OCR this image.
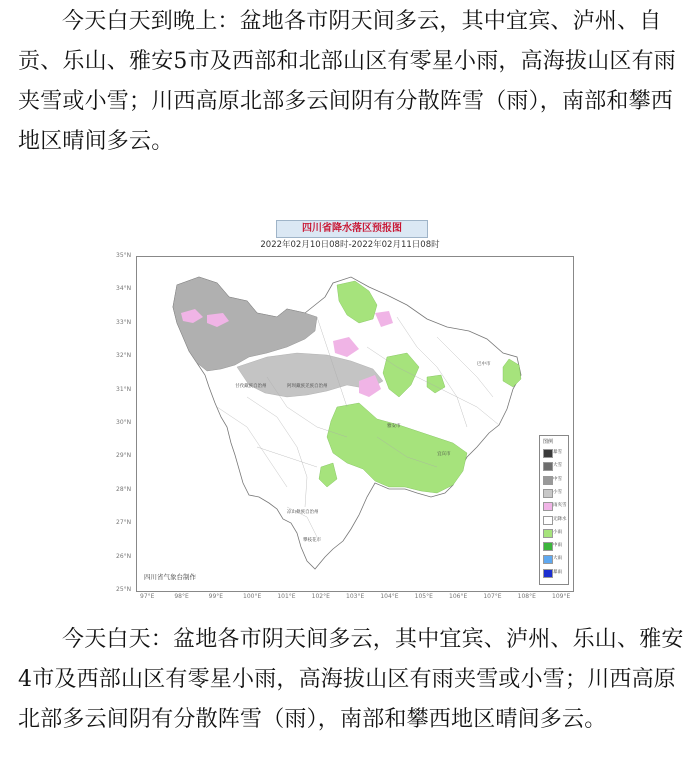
今天白天到晚上：盆地各市阴天间多云，其中宜宾、泸州、自贡、乐山、雅安5市及西部和北部山区有零星小雨，高海拔山区有雨夹雪或小雪；川西高原北部多云间阴有分散阵雪（雨），南部和攀西地区晴间多云。

四川省降水落区预报图
2022年02月10日08时-2022年02月11日08时
35°N
34°N
33°N
32°N
31°N
30°N
29°N
28°N
27°N
26°N
25°N
97°E	98°E	99°E	100°E	101°E	102°E	103°E	104°E	105°E	106°E	107°E	108°E	109°E
阿坝藏族羌族自治州
甘孜藏族自治州
凉山彝族自治州
攀枝花市
雅安市
宜宾市
巴中市
图例
暴雪
大雪
中雪
小雪
雨夹雪
无降水
小雨
中雨
大雨
暴雨
四川省气象台制作

今天白天：盆地各市阴天间多云，其中宜宾、泸州、乐山、雅安4市及西部山区有零星小雨，高海拔山区有雨夹雪或小雪；川西高原北部多云间阴有分散阵雪（雨），南部和攀西地区晴间多云。
